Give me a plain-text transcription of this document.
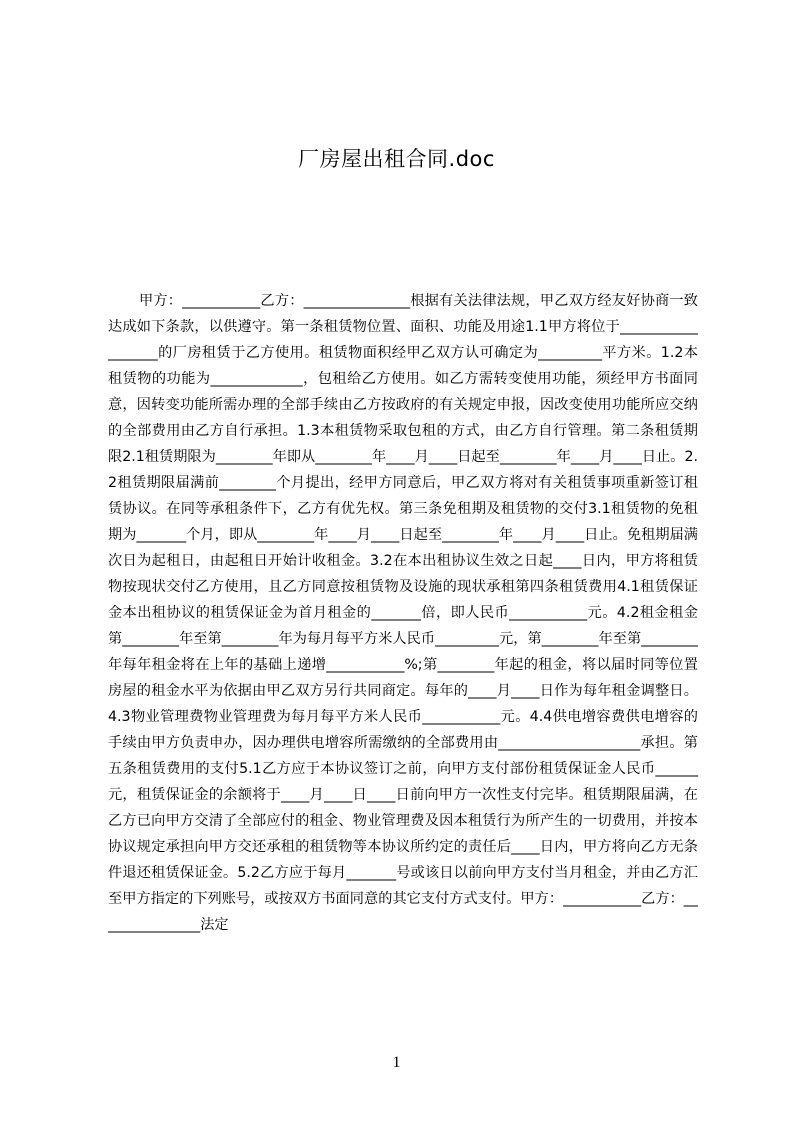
厂房屋出租合同.doc

甲方：___________乙方：_______________根据有关法律法规，甲乙双方经友好协商一致达成如下条款，以供遵守。第一条租赁物位置、面积、功能及用途1.1甲方将位于__________________的厂房租赁于乙方使用。租赁物面积经甲乙双方认可确定为_________平方米。1.2本租赁物的功能为_____________，包租给乙方使用。如乙方需转变使用功能，须经甲方书面同意，因转变功能所需办理的全部手续由乙方按政府的有关规定申报，因改变使用功能所应交纳的全部费用由乙方自行承担。1.3本租赁物采取包租的方式，由乙方自行管理。第二条租赁期限2.1租赁期限为________年即从________年____月____日起至________年____月____日止。2.2租赁期限届满前________个月提出，经甲方同意后，甲乙双方将对有关租赁事项重新签订租赁协议。在同等承租条件下，乙方有优先权。第三条免租期及租赁物的交付3.1租赁物的免租期为_______个月，即从________年____月____日起至________年____月____日止。免租期届满次日为起租日，由起租日开始计收租金。3.2在本出租协议生效之日起____日内，甲方将租赁物按现状交付乙方使用，且乙方同意按租赁物及设施的现状承租第四条租赁费用4.1租赁保证金本出租协议的租赁保证金为首月租金的_______倍，即人民币___________元。4.2租金租金第________年至第________年为每月每平方米人民币_________元，第________年至第________年每年租金将在上年的基础上递增___________%;第________年起的租金，将以届时同等位置房屋的租金水平为依据由甲乙双方另行共同商定。每年的____月____日作为每年租金调整日。4.3物业管理费物业管理费为每月每平方米人民币___________元。4.4供电增容费供电增容的手续由甲方负责申办，因办理供电增容所需缴纳的全部费用由____________________承担。第五条租赁费用的支付5.1乙方应于本协议签订之前，向甲方支付部份租赁保证金人民币______元，租赁保证金的余额将于____月____日____日前向甲方一次性支付完毕。租赁期限届满，在乙方已向甲方交清了全部应付的租金、物业管理费及因本租赁行为所产生的一切费用，并按本协议规定承担向甲方交还承租的租赁物等本协议所约定的责任后____日内，甲方将向乙方无条件退还租赁保证金。5.2乙方应于每月_______号或该日以前向甲方支付当月租金，并由乙方汇至甲方指定的下列账号，或按双方书面同意的其它支付方式支付。甲方：___________乙方：_______________法定

1
